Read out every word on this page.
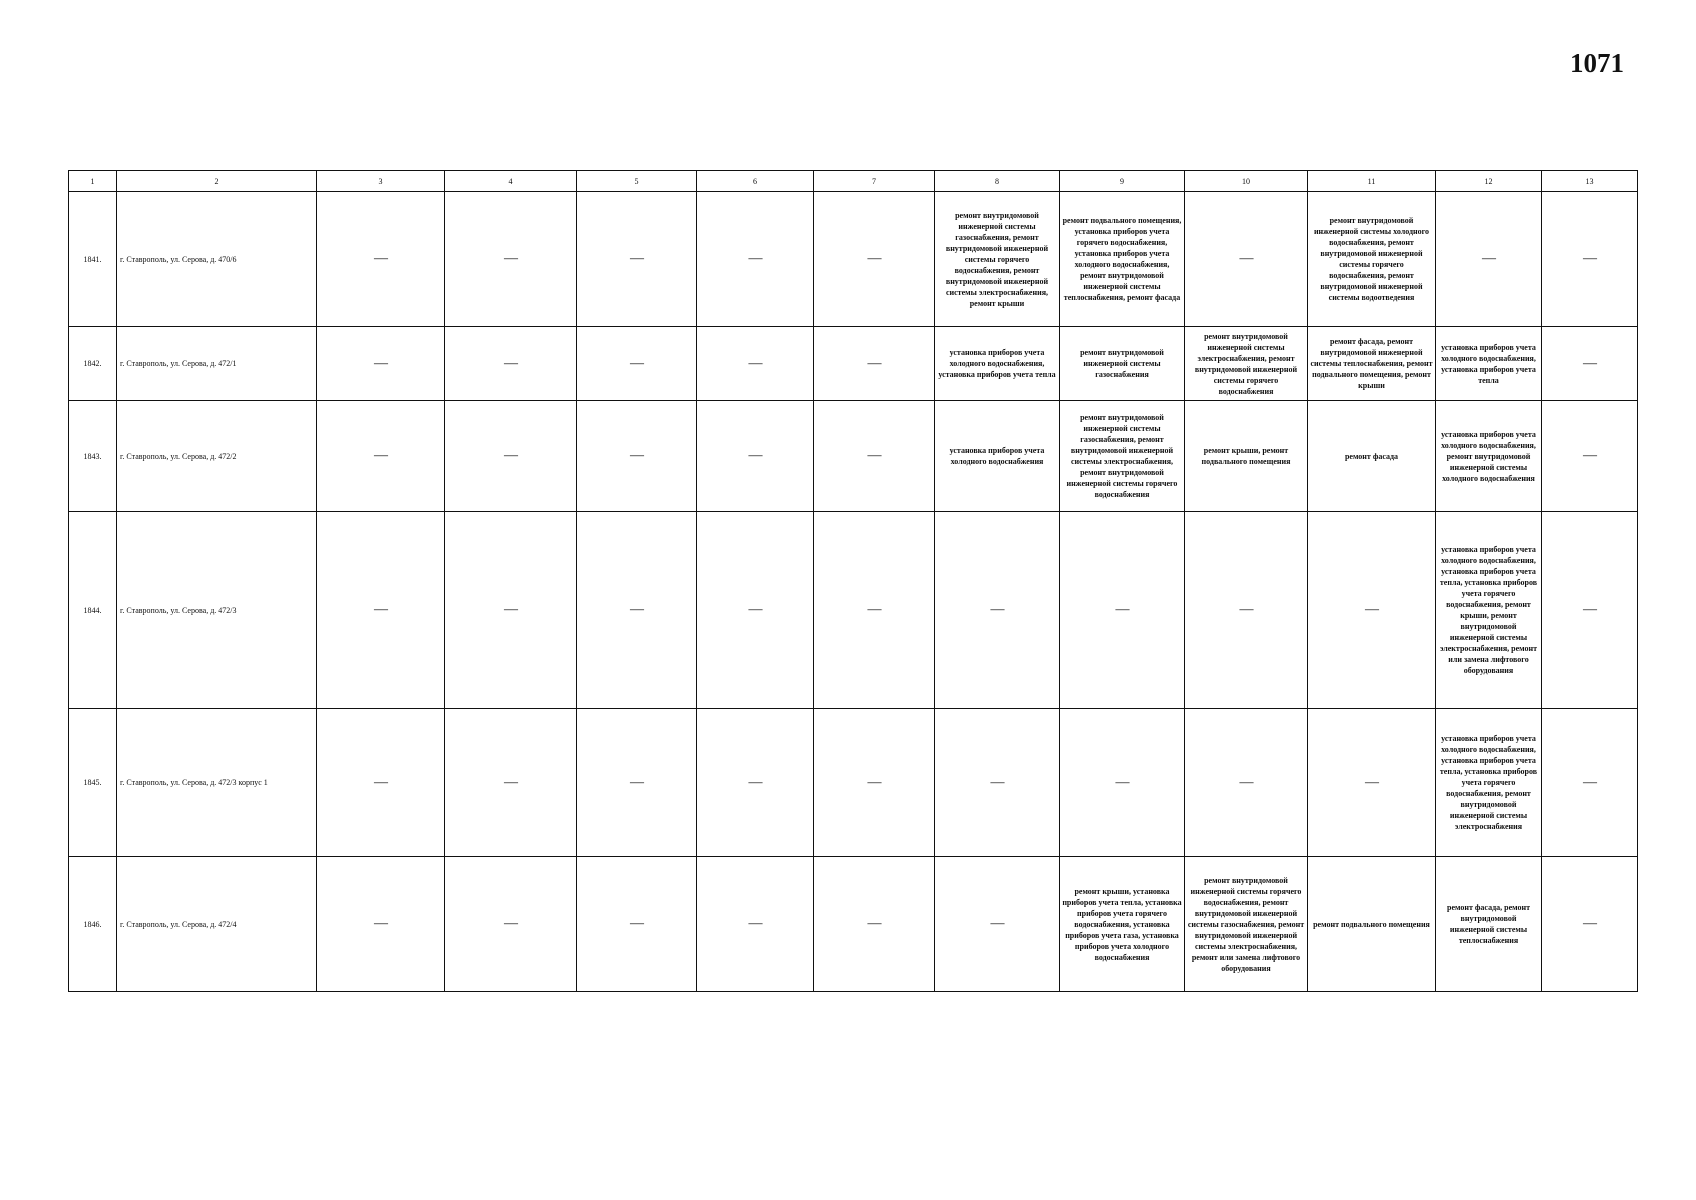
1071
1	2	3	4	5	6	7	8	9	10	11	12	13
1841.	г. Ставрополь, ул. Серова, д. 470/6	—	—	—	—	—	ремонт внутридомовой инженерной системы газоснабжения, ремонт внутридомовой инженерной системы горячего водоснабжения, ремонт внутридомовой инженерной системы электроснабжения, ремонт крыши	ремонт подвального помещения, установка приборов учета горячего водоснабжения, установка приборов учета холодного водоснабжения, ремонт внутридомовой инженерной системы теплоснабжения, ремонт фасада	—	ремонт внутридомовой инженерной системы холодного водоснабжения, ремонт внутридомовой инженерной системы горячего водоснабжения, ремонт внутридомовой инженерной системы водоотведения	—	—
1842.	г. Ставрополь, ул. Серова, д. 472/1	—	—	—	—	—	установка приборов учета холодного водоснабжения, установка приборов учета тепла	ремонт внутридомовой инженерной системы газоснабжения	ремонт внутридомовой инженерной системы электроснабжения, ремонт внутридомовой инженерной системы горячего водоснабжения	ремонт фасада, ремонт внутридомовой инженерной системы теплоснабжения, ремонт подвального помещения, ремонт крыши	установка приборов учета холодного водоснабжения, установка приборов учета тепла	—
1843.	г. Ставрополь, ул. Серова, д. 472/2	—	—	—	—	—	установка приборов учета холодного водоснабжения	ремонт внутридомовой инженерной системы газоснабжения, ремонт внутридомовой инженерной системы электроснабжения, ремонт внутридомовой инженерной системы горячего водоснабжения	ремонт крыши, ремонт подвального помещения	ремонт фасада	установка приборов учета холодного водоснабжения, ремонт внутридомовой инженерной системы холодного водоснабжения	—
1844.	г. Ставрополь, ул. Серова, д. 472/3	—	—	—	—	—	—	—	—	—	установка приборов учета холодного водоснабжения, установка приборов учета тепла, установка приборов учета горячего водоснабжения, ремонт крыши, ремонт внутридомовой инженерной системы электроснабжения, ремонт или замена лифтового оборудования	—
1845.	г. Ставрополь, ул. Серова, д. 472/3 корпус 1	—	—	—	—	—	—	—	—	—	установка приборов учета холодного водоснабжения, установка приборов учета тепла, установка приборов учета горячего водоснабжения, ремонт внутридомовой инженерной системы электроснабжения	—
1846.	г. Ставрополь, ул. Серова, д. 472/4	—	—	—	—	—	—	ремонт крыши, установка приборов учета тепла, установка приборов учета горячего водоснабжения, установка приборов учета газа, установка приборов учета холодного водоснабжения	ремонт внутридомовой инженерной системы горячего водоснабжения, ремонт внутридомовой инженерной системы газоснабжения, ремонт внутридомовой инженерной системы электроснабжения, ремонт или замена лифтового оборудования	ремонт подвального помещения	ремонт фасада, ремонт внутридомовой инженерной системы теплоснабжения	—
